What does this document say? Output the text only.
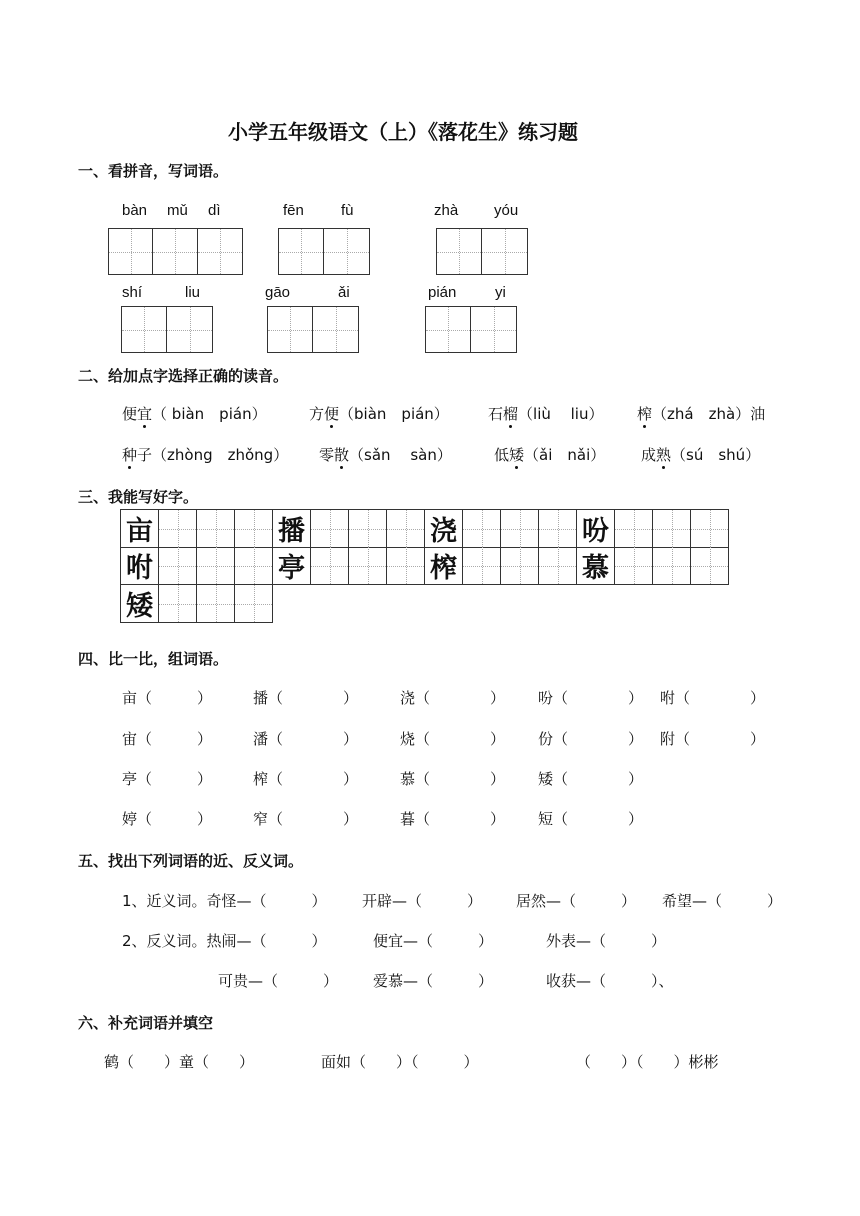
小学五年级语文（上）《落花生》练习题
一、看拼音，写词语。
bàn mǔ dì	fēn fù	zhà yóu
shí	liu	gāo	ǎi	pián	yi
二、给加点字选择正确的读音。
便宜（ biàn　pián）	方便（biàn　pián）	石榴（liù　 liu） 榨（zhá　zhà）油
种子（zhòng　zhǒng） 零散（sǎn　 sàn）	低矮（ǎi　nǎi） 成熟（sú　shú）
三、我能写好字。
亩	播	浇	吩
咐	亭	榨	慕
矮
四、比一比，组词语。
亩（　　　）	播（　　　　）	浇（　　　　） 吩（　　　　） 咐（　　　　）
宙（　　　）	潘（　　　　）	烧（　　　　） 份（　　　　） 附（　　　　）
亭（　　　）	榨（　　　　）	慕（　　　　） 矮（　　　　）
婷（　　　）	窄（　　　　）	暮（　　　　） 短（　　　　）
五、找出下列词语的近、反义词。
1、近义词。奇怪—（　　　） 开辟—（　　　） 居然—（　　　） 希望—（　　　）
2、反义词。热闹—（　　　）	便宜—（　　　）	外表—（　　　）
可贵—（　　　） 爱慕—（　　　）	收获—（　　　）、
六、补充词语并填空
鹤（　　）童（　　）	面如（　　）（　　　）	（　　）（　　）彬彬
